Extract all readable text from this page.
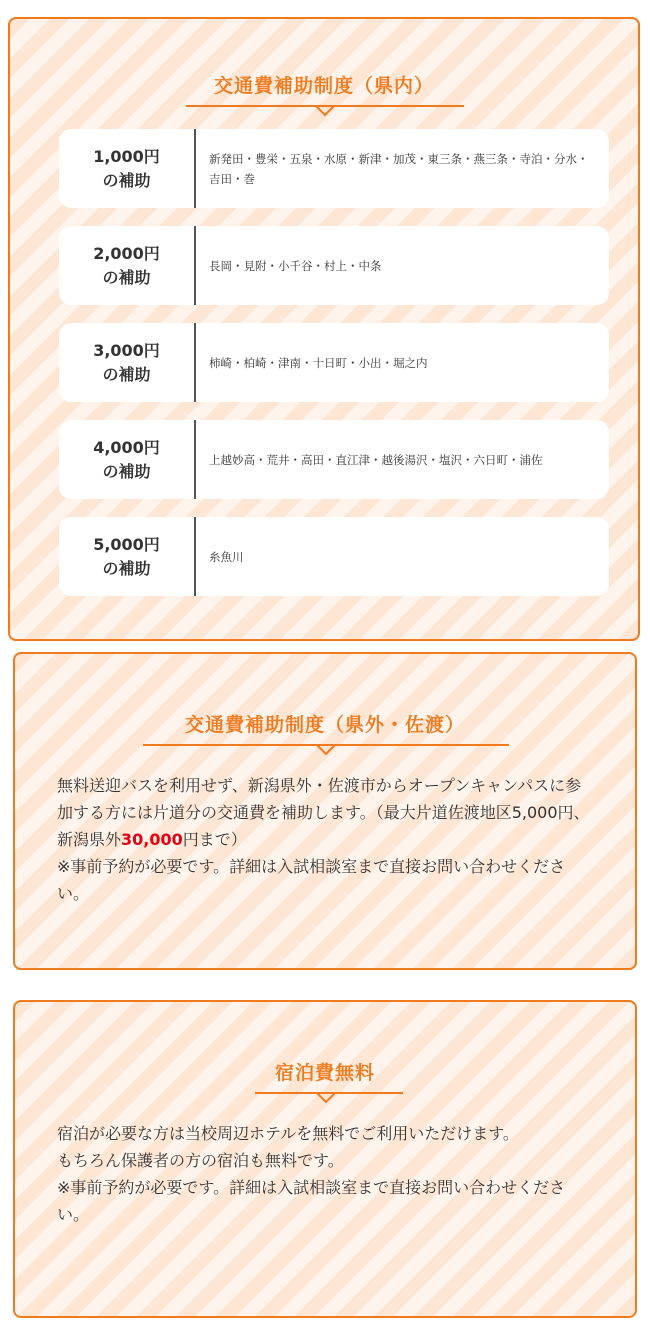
交通費補助制度（県内）
1,000円
の補助
新発田・豊栄・五泉・水原・新津・加茂・東三条・燕三条・寺泊・分水・吉田・巻
2,000円
の補助
長岡・見附・小千谷・村上・中条
3,000円
の補助
柿崎・柏崎・津南・十日町・小出・堀之内
4,000円
の補助
上越妙高・荒井・高田・直江津・越後湯沢・塩沢・六日町・浦佐
5,000円
の補助
糸魚川
交通費補助制度（県外・佐渡）

無料送迎バスを利用せず、新潟県外・佐渡市からオープンキャンパスに参加する方には片道分の交通費を補助します。（最大片道佐渡地区5,000円、新潟県外30,000円まで）

※事前予約が必要です。詳細は入試相談室まで直接お問い合わせください。

宿泊費無料

宿泊が必要な方は当校周辺ホテルを無料でご利用いただけます。

もちろん保護者の方の宿泊も無料です。

※事前予約が必要です。詳細は入試相談室まで直接お問い合わせください。
